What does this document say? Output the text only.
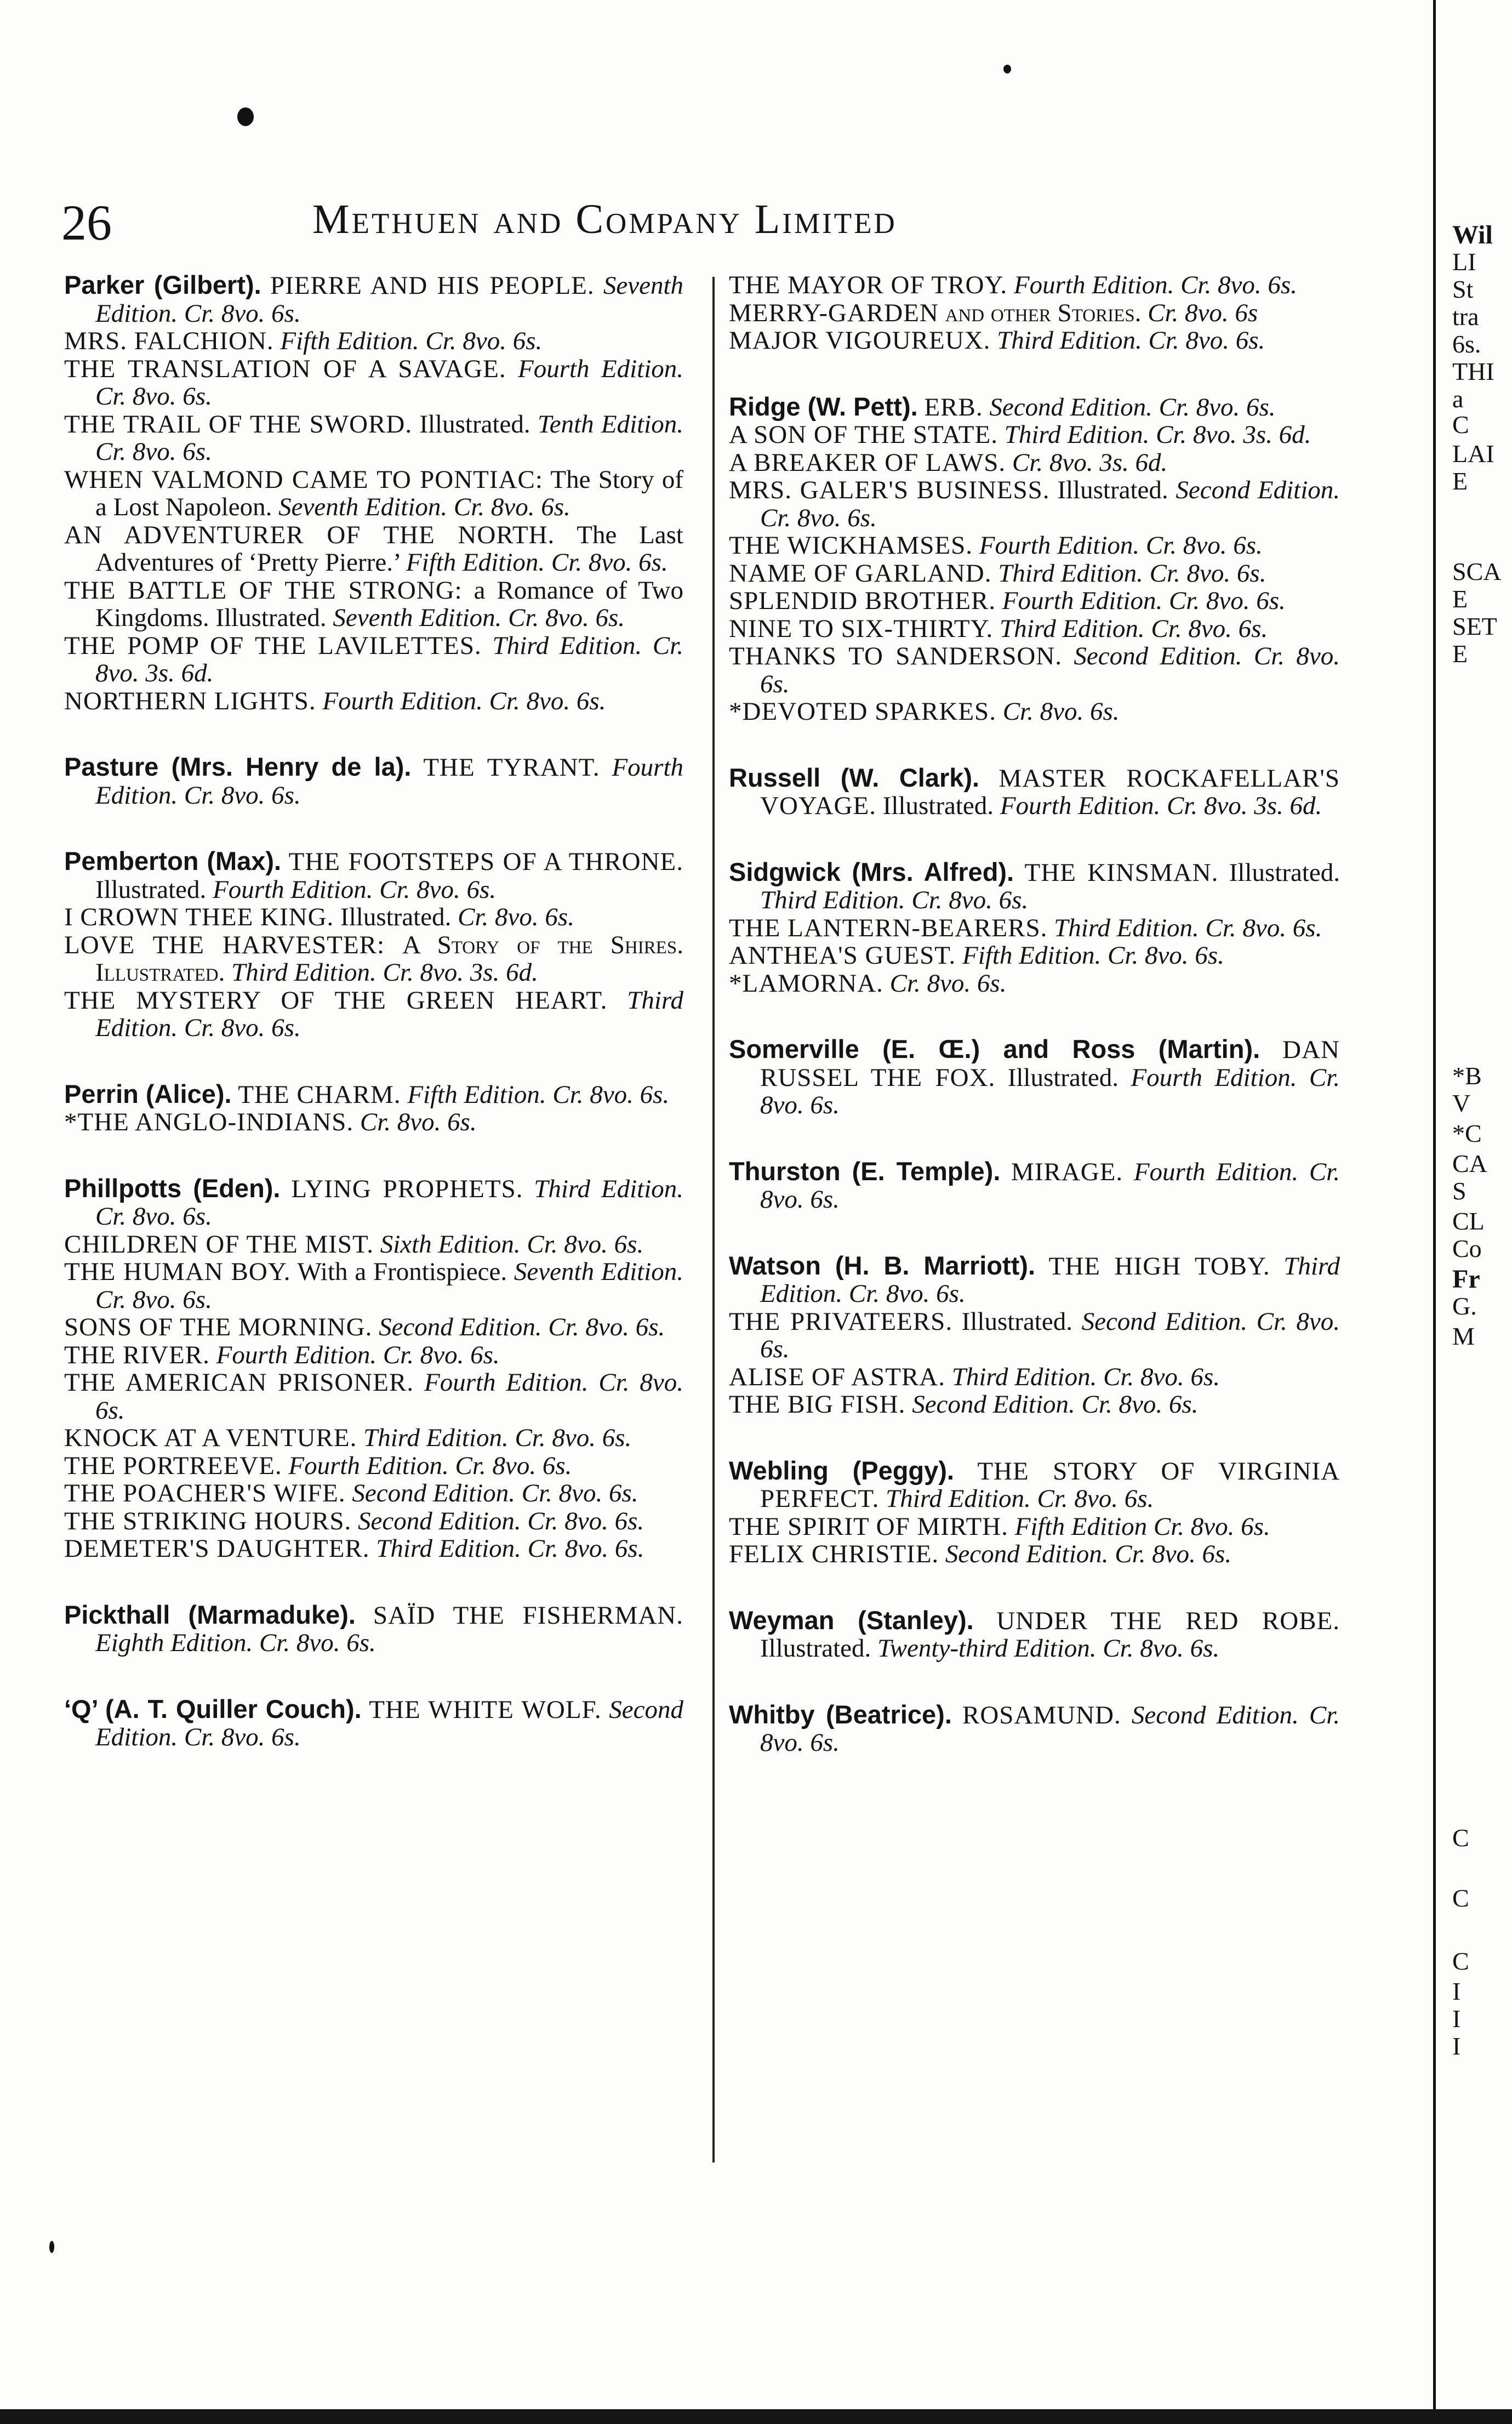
26	Methuen and Company Limited

Parker (Gilbert). PIERRE AND HIS PEOPLE. Seventh Edition. Cr. 8vo. 6s.

MRS. FALCHION. Fifth Edition. Cr. 8vo. 6s.

THE TRANSLATION OF A SAVAGE. Fourth Edition. Cr. 8vo. 6s.

THE TRAIL OF THE SWORD. Illustrated. Tenth Edition. Cr. 8vo. 6s.

WHEN VALMOND CAME TO PONTIAC: The Story of a Lost Napoleon. Seventh Edition. Cr. 8vo. 6s.

AN ADVENTURER OF THE NORTH. The Last Adventures of ‘Pretty Pierre.’ Fifth Edition. Cr. 8vo. 6s.

THE BATTLE OF THE STRONG: a Romance of Two Kingdoms. Illustrated. Seventh Edition. Cr. 8vo. 6s.

THE POMP OF THE LAVILETTES. Third Edition. Cr. 8vo. 3s. 6d.

NORTHERN LIGHTS. Fourth Edition. Cr. 8vo. 6s.

Pasture (Mrs. Henry de la). THE TYRANT. Fourth Edition. Cr. 8vo. 6s.

Pemberton (Max). THE FOOTSTEPS OF A THRONE. Illustrated. Fourth Edition. Cr. 8vo. 6s.

I CROWN THEE KING. Illustrated. Cr. 8vo. 6s.

LOVE THE HARVESTER: A Story of the Shires. Illustrated. Third Edition. Cr. 8vo. 3s. 6d.

THE MYSTERY OF THE GREEN HEART. Third Edition. Cr. 8vo. 6s.

Perrin (Alice). THE CHARM. Fifth Edition. Cr. 8vo. 6s.

*THE ANGLO-INDIANS. Cr. 8vo. 6s.

Phillpotts (Eden). LYING PROPHETS. Third Edition. Cr. 8vo. 6s.

CHILDREN OF THE MIST. Sixth Edition. Cr. 8vo. 6s.

THE HUMAN BOY. With a Frontispiece. Seventh Edition. Cr. 8vo. 6s.

SONS OF THE MORNING. Second Edition. Cr. 8vo. 6s.

THE RIVER. Fourth Edition. Cr. 8vo. 6s.

THE AMERICAN PRISONER. Fourth Edition. Cr. 8vo. 6s.

KNOCK AT A VENTURE. Third Edition. Cr. 8vo. 6s.

THE PORTREEVE. Fourth Edition. Cr. 8vo. 6s.

THE POACHER'S WIFE. Second Edition. Cr. 8vo. 6s.

THE STRIKING HOURS. Second Edition. Cr. 8vo. 6s.

DEMETER'S DAUGHTER. Third Edition. Cr. 8vo. 6s.

Pickthall (Marmaduke). SAÏD THE FISHERMAN. Eighth Edition. Cr. 8vo. 6s.

‘Q’ (A. T. Quiller Couch). THE WHITE WOLF. Second Edition. Cr. 8vo. 6s.

THE MAYOR OF TROY. Fourth Edition. Cr. 8vo. 6s.

MERRY-GARDEN and other Stories. Cr. 8vo. 6s

MAJOR VIGOUREUX. Third Edition. Cr. 8vo. 6s.

Ridge (W. Pett). ERB. Second Edition. Cr. 8vo. 6s.

A SON OF THE STATE. Third Edition. Cr. 8vo. 3s. 6d.

A BREAKER OF LAWS. Cr. 8vo. 3s. 6d.

MRS. GALER'S BUSINESS. Illustrated. Second Edition. Cr. 8vo. 6s.

THE WICKHAMSES. Fourth Edition. Cr. 8vo. 6s.

NAME OF GARLAND. Third Edition. Cr. 8vo. 6s.

SPLENDID BROTHER. Fourth Edition. Cr. 8vo. 6s.

NINE TO SIX-THIRTY. Third Edition. Cr. 8vo. 6s.

THANKS TO SANDERSON. Second Edition. Cr. 8vo. 6s.

*DEVOTED SPARKES. Cr. 8vo. 6s.

Russell (W. Clark). MASTER ROCKAFELLAR'S VOYAGE. Illustrated. Fourth Edition. Cr. 8vo. 3s. 6d.

Sidgwick (Mrs. Alfred). THE KINSMAN. Illustrated. Third Edition. Cr. 8vo. 6s.

THE LANTERN-BEARERS. Third Edition. Cr. 8vo. 6s.

ANTHEA'S GUEST. Fifth Edition. Cr. 8vo. 6s.

*LAMORNA. Cr. 8vo. 6s.

Somerville (E. Œ.) and Ross (Martin). DAN RUSSEL THE FOX. Illustrated. Fourth Edition. Cr. 8vo. 6s.

Thurston (E. Temple). MIRAGE. Fourth Edition. Cr. 8vo. 6s.

Watson (H. B. Marriott). THE HIGH TOBY. Third Edition. Cr. 8vo. 6s.

THE PRIVATEERS. Illustrated. Second Edition. Cr. 8vo. 6s.

ALISE OF ASTRA. Third Edition. Cr. 8vo. 6s.

THE BIG FISH. Second Edition. Cr. 8vo. 6s.

Webling (Peggy). THE STORY OF VIRGINIA PERFECT. Third Edition. Cr. 8vo. 6s.

THE SPIRIT OF MIRTH. Fifth Edition Cr. 8vo. 6s.

FELIX CHRISTIE. Second Edition. Cr. 8vo. 6s.

Weyman (Stanley). UNDER THE RED ROBE. Illustrated. Twenty-third Edition. Cr. 8vo. 6s.

Whitby (Beatrice). ROSAMUND. Second Edition. Cr. 8vo. 6s.

Wil
LI
St
tra
6s.
THI
a
C
LAI
E
SCA
E
SET
E
*B
V
*C
CA
S
CL
Co
Fr
G.
M
C
C
C
I
I
I
